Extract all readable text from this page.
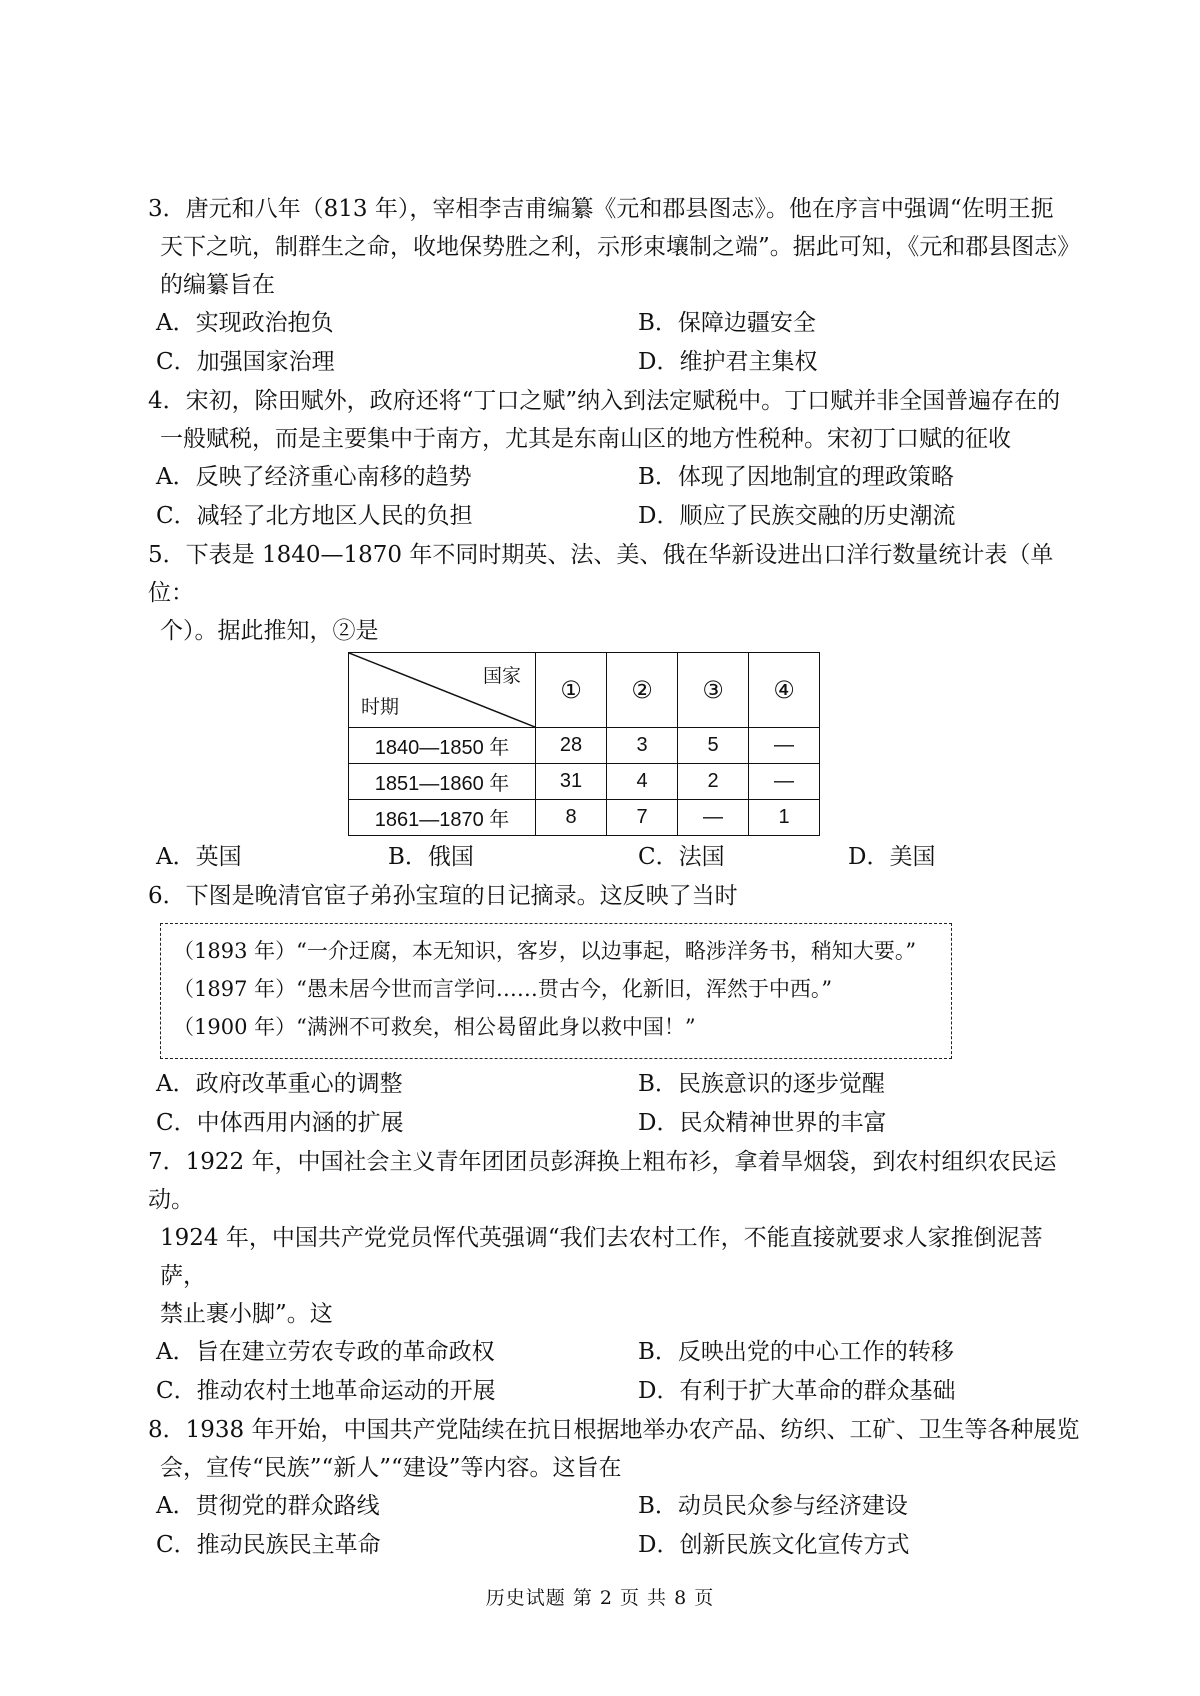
3．唐元和八年（813 年），宰相李吉甫编纂《元和郡县图志》。他在序言中强调“佐明王扼

天下之吭，制群生之命，收地保势胜之利，示形束壤制之端”。据此可知，《元和郡县图志》

的编纂旨在

A．实现政治抱负	B．保障边疆安全
C．加强国家治理	D．维护君主集权

4．宋初，除田赋外，政府还将“丁口之赋”纳入到法定赋税中。丁口赋并非全国普遍存在的

一般赋税，而是主要集中于南方，尤其是东南山区的地方性税种。宋初丁口赋的征收

A．反映了经济重心南移的趋势	B．体现了因地制宜的理政策略
C．减轻了北方地区人民的负担	D．顺应了民族交融的历史潮流

5．下表是 1840—1870 年不同时期英、法、美、俄在华新设进出口洋行数量统计表（单位：

个）。据此推知，②是

国家
时期	①	②	③	④
1840—1850 年	28	3	5	—
1851—1860 年	31	4	2	—
1861—1870 年	8	7	—	1
A．英国	B．俄国	C．法国	D．美国

6．下图是晚清官宦子弟孙宝瑄的日记摘录。这反映了当时

（1893 年）“一介迂腐，本无知识，客岁，以边事起，略涉洋务书，稍知大要。”
（1897 年）“愚未居今世而言学问……贯古今，化新旧，浑然于中西。”
（1900 年）“满洲不可救矣，相公曷留此身以救中国！”
A．政府改革重心的调整	B．民族意识的逐步觉醒
C．中体西用内涵的扩展	D．民众精神世界的丰富

7．1922 年，中国社会主义青年团团员彭湃换上粗布衫，拿着旱烟袋，到农村组织农民运动。

1924 年，中国共产党党员恽代英强调“我们去农村工作，不能直接就要求人家推倒泥菩萨，

禁止裹小脚”。这

A．旨在建立劳农专政的革命政权	B．反映出党的中心工作的转移
C．推动农村土地革命运动的开展	D．有利于扩大革命的群众基础

8．1938 年开始，中国共产党陆续在抗日根据地举办农产品、纺织、工矿、卫生等各种展览

会，宣传“民族”“新人”“建设”等内容。这旨在

A．贯彻党的群众路线	B．动员民众参与经济建设
C．推动民族民主革命	D．创新民族文化宣传方式
历史试题 第 2 页 共 8 页
